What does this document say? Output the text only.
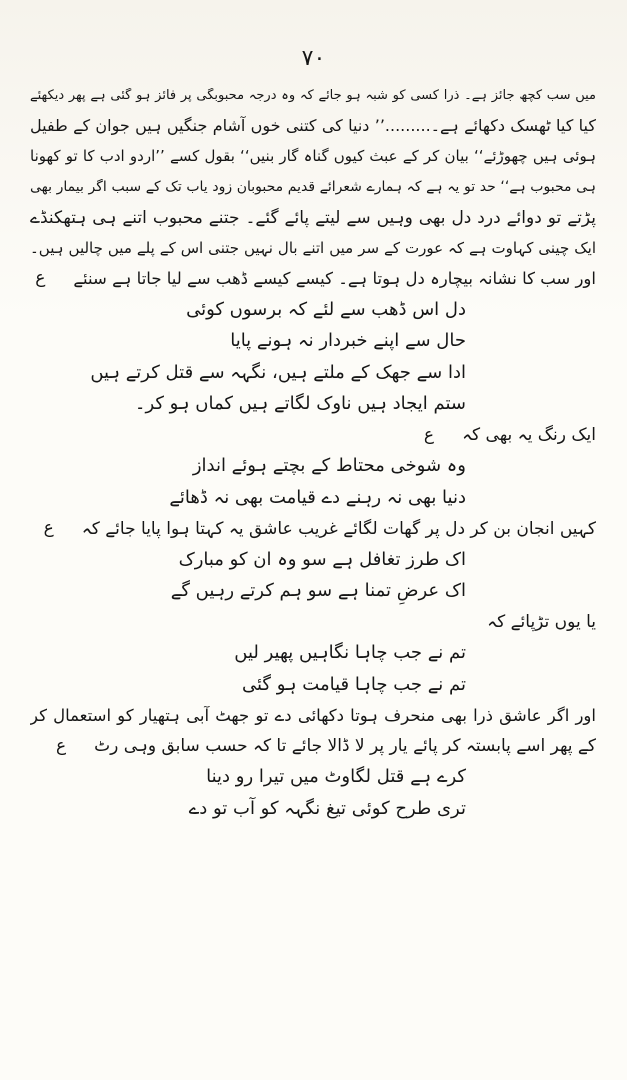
۷۰
میں سب کچھ جائز ہے۔ ذرا کسی کو شبہ ہو جائے کہ وہ درجہ محبوبگی پر فائز ہو گئی ہے پھر دیکھئے
کیا کیا ٹھسک دکھائے ہے۔.........’’ دنیا کی کتنی خوں آشام جنگیں ہیں جوان کے طفیل
ہوئی ہیں چھوڑئے‘‘ بیان کر کے عبث کیوں گناہ گار بنیں‘‘ بقول کسے ’’اردو ادب کا تو کھونا
ہی محبوب ہے‘‘ حد تو یہ ہے کہ ہمارے شعرائے قدیم محبوبان زود یاب تک کے سبب اگر بیمار بھی
پڑتے تو دوائے درد دل بھی وہیں سے لیتے پائے گئے۔ جتنے محبوب اتنے ہی ہتھکنڈے
ایک چینی کہاوت ہے کہ عورت کے سر میں اتنے بال نہیں جتنی اس کے پلے میں چالیں ہیں۔
اور سب کا نشانہ بیچارہ دل ہوتا ہے۔ کیسے کیسے ڈھب سے لیا جاتا ہے سنئے
ع
دل اس ڈھب سے لئے کہ برسوں کوئی
حال سے اپنے خبردار نہ ہونے پایا
ادا سے جھک کے ملتے ہیں، نگہہ سے قتل کرتے ہیں
ستم ایجاد ہیں ناوک لگاتے ہیں کماں ہو کر۔
ایک رنگ یہ بھی کہ
ع
وہ شوخی محتاط کے بچتے ہوئے انداز
دنیا بھی نہ رہنے دے قیامت بھی نہ ڈھائے
کہیں انجان بن کر دل پر گھات لگائے غریب عاشق یہ کہتا ہوا پایا جائے کہ
ع
اک طرز تغافل ہے سو وہ ان کو مبارک
اک عرضِ تمنا ہے سو ہم کرتے رہیں گے
یا یوں تڑپائے کہ
تم نے جب چاہا نگاہیں پھیر لیں
تم نے جب چاہا قیامت ہو گئی
اور اگر عاشق ذرا بھی منحرف ہوتا دکھائی دے تو جھٹ آبی ہتھیار کو استعمال کر
کے پھر اسے پابستہ کر پائے یار پر لا ڈالا جائے تا کہ حسب سابق وہی رٹ
ع
کرے ہے قتل لگاوٹ میں تیرا رو دینا
تری طرح کوئی تیغ نگہہ کو آب تو دے
